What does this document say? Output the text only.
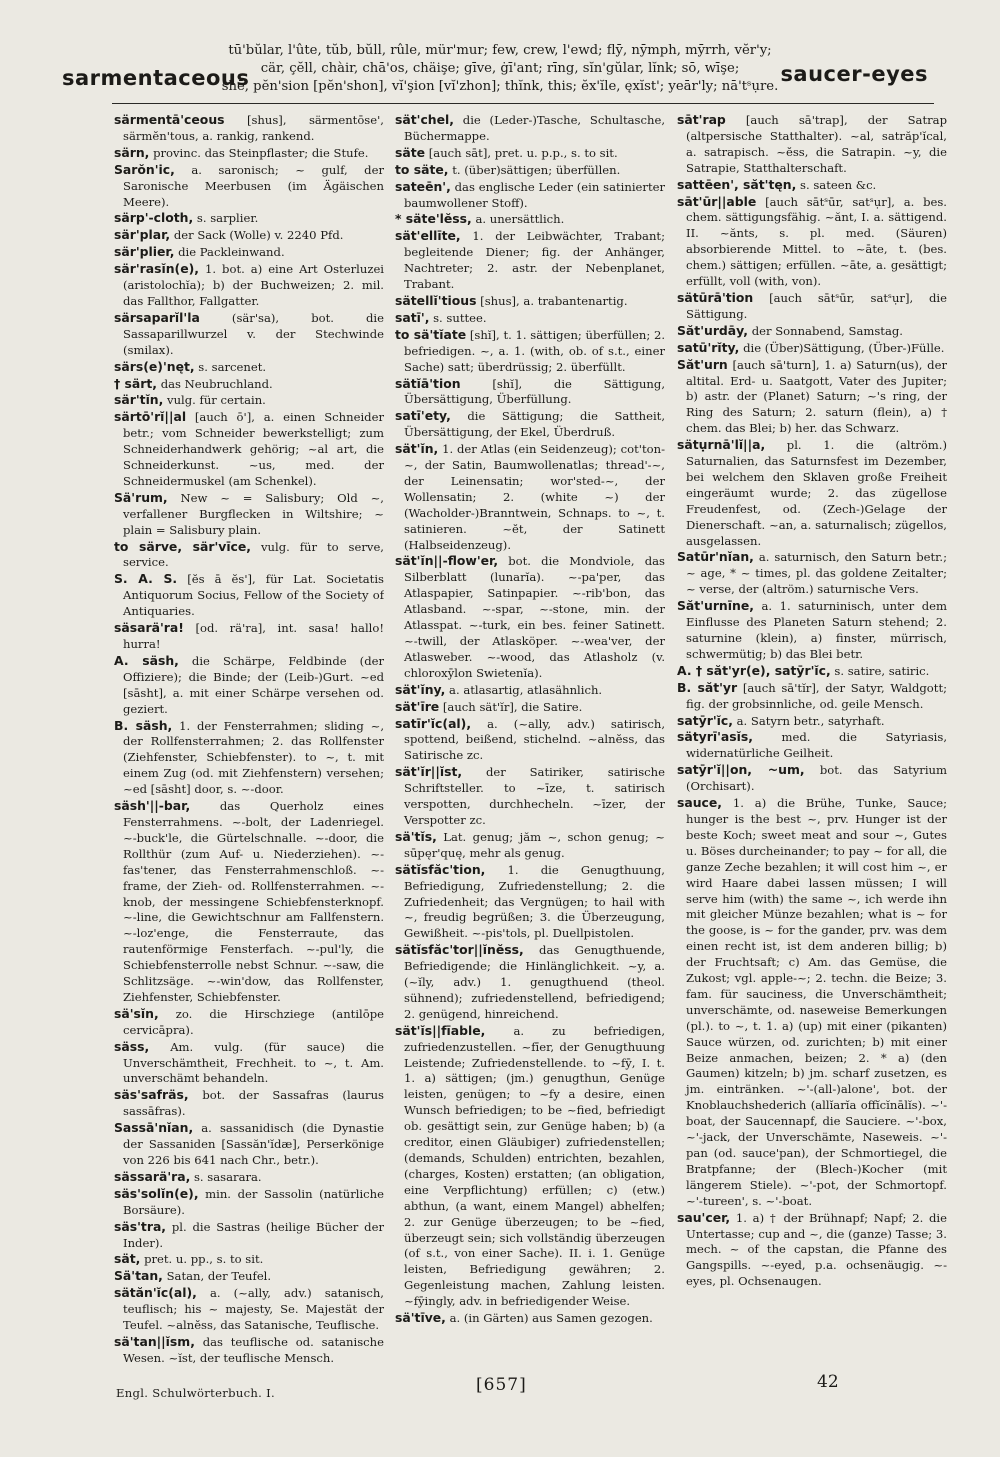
sarmentaceous
tū'bŭlar, l'ûte, tŭb, bŭll, rûle, mür'mur; few, crew, l'ewd; flȳ, nȳmph, mȳrrh, vĕr'y;
cär, çĕll, chàir, chā'os, chäişe; gīve, ġī'ant; rīng, sĭn'gŭlar, lĭnk; sō, wīşe;
shē, pĕn'sion [pĕn'shon], vĭ'şion [vĭ'zhon]; thĭnk, this; ĕx'ĭle, ęxĭst'; yeār'ly; nā'tˢụre.
saucer-eyes

särmentā'ceous [shus], särmentōse', särmĕn'tous, a. rankig, rankend.

särn, provinc. das Steinpflaster; die Stufe.

Sarŏn'ic, a. saronisch; ~ gulf, der Saronische Meerbusen (im Ägäischen Meere).

särp'-cloth, s. sarplier.

sär'plar, der Sack (Wolle) v. 2240 Pfd.

sär'plier, die Packleinwand.

sär'rasĭn(e), 1. bot. a) eine Art Osterluzei (aristolochĭa); b) der Buchweizen; 2. mil. das Fallthor, Fallgatter.

särsaparĭl'la	(sär'sa), bot. die Sassaparillwurzel v. der Stechwinde (smilax).

särs(e)'nęt, s. sarcenet.

† särt, das Neubruchland.

sär'tĭn, vulg. für certain.

särtō'rĭ||al [auch ō'], a. einen Schneider betr.; vom Schneider bewerkstelligt; zum Schneiderhandwerk gehörig; ~al art, die Schneiderkunst. ~us, med. der Schneidermuskel (am Schenkel).

Sä'rum, New ~ = Salisbury; Old ~, verfallener Burgflecken in Wiltshire; ~ plain = Salisbury plain.

to särve, sär'vīce, vulg. für to serve, service.

S. A. S. [ĕs ā ĕs'], für Lat. Societatis Antiquorum Socius, Fellow of the Society of Antiquaries.

säsarä'ra! [od. rä'ra], int. sasa! hallo! hurra!

A. säsh, die Schärpe, Feldbinde (der Offiziere); die Binde; der (Leib-)Gurt. ~ed [sāsht], a. mit einer Schärpe versehen od. geziert.

B. säsh, 1. der Fensterrahmen; sliding ~, der Rollfensterrahmen; 2. das Rollfenster (Ziehfenster, Schiebfenster). to ~, t. mit einem Zug (od. mit Ziehfenstern) versehen; ~ed [sāsht] door, s. ~-door.

säsh'||-bar,	das Querholz eines Fensterrahmens. ~-bolt, der Ladenriegel. ~-buck'le, die Gürtelschnalle. ~-door, die Rollthür (zum Auf- u. Niederziehen). ~-fas'tener, das Fensterrahmenschloß. ~-frame, der Zieh- od. Rollfensterrahmen. ~-knob, der messingene Schiebfensterknopf. ~-line, die Gewichtschnur am Fallfenstern. ~-loz'enge, die Fensterraute, das rautenförmige Fensterfach. ~-pul'ly, die Schiebfensterrolle nebst Schnur. ~-saw, die Schlitzsäge. ~-win'dow, das Rollfenster, Ziehfenster, Schiebfenster.

sä'sĭn, zo. die Hirschziege (antilōpe cervicāpra).

säss, Am. vulg. (für sauce) die Unverschämtheit, Frechheit. to ~, t. Am. unverschämt behandeln.

säs'safräs, bot. der Sassafras (laurus sassāfras).

Sassā'nĭan, a. sassanidisch (die Dynastie der Sassaniden [Sassăn'ĭdæ], Perserkönige von 226 bis 641 nach Chr., betr.).

sässarä'ra, s. sasarara.

säs'solĭn(e), min. der Sassolin (natürliche Borsäure).

säs'tra, pl. die Sastras (heilige Bücher der Inder).

sät, pret. u. pp., s. to sit.

Sä'tan, Satan, der Teufel.

sätăn'ĭc(al), a. (~ally, adv.) satanisch, teuflisch; his ~ majesty, Se. Majestät der Teufel. ~alnĕss, das Satanische, Teuflische.

sä'tan||ĭsm, das teuflische od. satanische Wesen. ~ĭst, der teuflische Mensch.

sät'chel, die (Leder-)Tasche, Schultasche, Büchermappe.

säte [auch sāt], pret. u. p.p., s. to sit.

to säte, t. (über)sättigen; überfüllen.

sateēn', das englische Leder (ein satinierter baumwollener Stoff).

* säte'lĕss, a. unersättlich.

sät'ellīte, 1. der Leibwächter, Trabant; begleitende Diener; fig. der Anhänger, Nachtreter; 2. astr. der Nebenplanet, Trabant.

sätellĭ'tious [shus], a. trabantenartig.

satī', s. suttee.

to sä'tĭate [shĭ], t. 1. sättigen; überfüllen; 2. befriedigen. ~, a. 1. (with, ob. of s.t., einer Sache) satt; überdrüssig; 2. überfüllt.

sätĭā'tion	[shĭ], die Sättigung, Übersättigung, Überfüllung.

satī'ety, die Sättigung; die Sattheit, Übersättigung, der Ekel, Überdruß.

sät'ĭn, 1. der Atlas (ein Seidenzeug); cot'ton-~, der Satin, Baumwollenatlas; thread'-~, der Leinensatin; wor'sted-~, der Wollensatin; 2. (white ~) der (Wacholder-)Branntwein, Schnaps. to ~, t. satinieren. ~ĕt, der Satinett (Halbseidenzeug).

sät'ĭn||-flow'er, bot. die Mondviole, das Silberblatt (lunarĭa). ~-pa'per, das Atlaspapier, Satinpapier. ~-rib'bon, das Atlasband. ~-spar, ~-stone, min. der Atlasspat. ~-turk, ein bes. feiner Satinett. ~-twill, der Atlasköper. ~-wea'ver, der Atlasweber. ~-wood, das Atlasholz (v. chloroxȳlon Swietenĭa).

sät'ĭny, a. atlasartig, atlasähnlich.

sät'īre [auch sät'ĭr], die Satire.

satīr'ĭc(al), a. (~ally, adv.) satirisch, spottend, beißend, stichelnd. ~alnĕss, das Satirische zc.

sät'ĭr||ĭst, der Satiriker, satirische Schriftsteller. to ~īze, t. satirisch verspotten, durchhecheln. ~īzer, der Verspotter zc.

sä'tĭs, Lat. genug; jăm ~, schon genug; ~ sūpęr'quę, mehr als genug.

sätĭsfăc'tion, 1. die Genugthuung, Befriedigung, Zufriedenstellung; 2. die Zufriedenheit; das Vergnügen; to hail with ~, freudig begrüßen; 3. die Überzeugung, Gewißheit. ~-pis'tols, pl. Duellpistolen.

sätĭsfăc'tor||ĭnĕss, das Genugthuende, Befriedigende; die Hinlänglichkeit. ~y, a. (~ĭly, adv.) 1. genugthuend (theol. sühnend); zufriedenstellend, befriedigend; 2. genügend, hinreichend.

sät'ĭs||fīable, a. zu befriedigen, zufriedenzustellen. ~fīer, der Genugthuung Leistende; Zufriedenstellende. to ~fȳ, I. t. 1. a) sättigen; (jm.) genugthun, Genüge leisten, genügen; to ~fy a desire, einen Wunsch befriedigen; to be ~fied, befriedigt ob. gesättigt sein, zur Genüge haben; b) (a creditor, einen Gläubiger) zufriedenstellen; (demands, Schulden) entrichten, bezahlen, (charges, Kosten) erstatten; (an obligation, eine Verpflichtung) erfüllen; c) (etw.) abthun, (a want, einem Mangel) abhelfen; 2. zur Genüge überzeugen; to be ~fied, überzeugt sein; sich vollständig überzeugen (of s.t., von einer Sache). II. i. 1. Genüge leisten, Befriedigung gewähren; 2. Gegenleistung machen, Zahlung leisten. ~fȳingly, adv. in befriedigender Weise.

sä'tīve, a. (in Gärten) aus Samen gezogen.

sāt'rap [auch sā'trap], der Satrap (altpersische Statthalter). ~al, satrăp'ĭcal, a. satrapisch. ~ĕss, die Satrapin. ~y, die Satrapie, Statthalterschaft.

sattēen', săt'tęn, s. sateen &c.

sāt'ūr||able [auch sātˢūr, satˢụr], a. bes. chem. sättigungsfähig. ~ănt, I. a. sättigend. II. ~ănts, s. pl. med. (Säuren) absorbierende Mittel. to ~āte, t. (bes. chem.) sättigen; erfüllen. ~āte, a. gesättigt; erfüllt, voll (with, von).

sätūrā'tion [auch sātˢūr, satˢụr], die Sättigung.

Săt'urdāy, der Sonnabend, Samstag.

satū'rĭty, die (Über)Sättigung, (Über-)Fülle.

Săt'urn [auch sā'turn], 1. a) Saturn(us), der altital. Erd- u. Saatgott, Vater des Jupiter; b) astr. der (Planet) Saturn; ~'s ring, der Ring des Saturn; 2. saturn (flein), a) † chem. das Blei; b) her. das Schwarz.

sätụrnā'lĭ||a, pl. 1. die (altröm.) Saturnalien, das Saturnsfest im Dezember, bei welchem den Sklaven große Freiheit eingeräumt wurde; 2. das zügellose Freudenfest, od. (Zech-)Gelage der Dienerschaft. ~an, a. saturnalisch; zügellos, ausgelassen.

Satūr'nĭan, a. saturnisch, den Saturn betr.; ~ age, * ~ times, pl. das goldene Zeitalter; ~ verse, der (altröm.) saturnische Vers.

Săt'urnīne, a. 1. saturninisch, unter dem Einflusse des Planeten Saturn stehend; 2. saturnine (klein), a) finster, mürrisch, schwermütig; b) das Blei betr.

A. † săt'yr(e), satȳr'ĭc, s. satire, satiric.

B. săt'yr [auch sā'tĭr], der Satyr, Waldgott; fig. der grobsinnliche, od. geile Mensch.

satȳr'ĭc, a. Satyrn betr., satyrhaft.

sätyrī'asĭs, med. die Satyriasis, widernatürliche Geilheit.

satȳr'ĭ||on, ~um, bot. das Satyrium (Orchisart).

sauce, 1. a) die Brühe, Tunke, Sauce; hunger is the best ~, prv. Hunger ist der beste Koch; sweet meat and sour ~, Gutes u. Böses durcheinander; to pay ~ for all, die ganze Zeche bezahlen; it will cost him ~, er wird Haare dabei lassen müssen; I will serve him (with) the same ~, ich werde ihn mit gleicher Münze bezahlen; what is ~ for the goose, is ~ for the gander, prv. was dem einen recht ist, ist dem anderen billig; b) der Fruchtsaft; c) Am. das Gemüse, die Zukost; vgl. apple-~; 2. techn. die Beize; 3. fam. für sauciness, die Unverschämtheit; unverschämte, od. naseweise Bemerkungen (pl.). to ~, t. 1. a) (up) mit einer (pikanten) Sauce würzen, od. zurichten; b) mit einer Beize anmachen, beizen; 2. * a) (den Gaumen) kitzeln; b) jm. scharf zusetzen, es jm. eintränken. ~'-(all-)alone', bot. der Knoblauchshederich (allĭarĭa offĭcĭnālĭs). ~'-boat, der Saucennapf, die Sauciere. ~'-box, ~'-jack, der Unverschämte, Naseweis. ~'-pan (od. sauce'pan), der Schmortiegel, die Bratpfanne; der (Blech-)Kocher (mit längerem Stiele). ~'-pot, der Schmortopf. ~'-tureen', s. ~'-boat.

sau'cer, 1. a) † der Brühnapf; Napf; 2. die Untertasse; cup and ~, die (ganze) Tasse; 3. mech. ~ of the capstan, die Pfanne des Gangspills. ~-eyed, p.a. ochsenäugig. ~-eyes, pl. Ochsenaugen.

Engl. Schulwörterbuch. I.	[657]	42
